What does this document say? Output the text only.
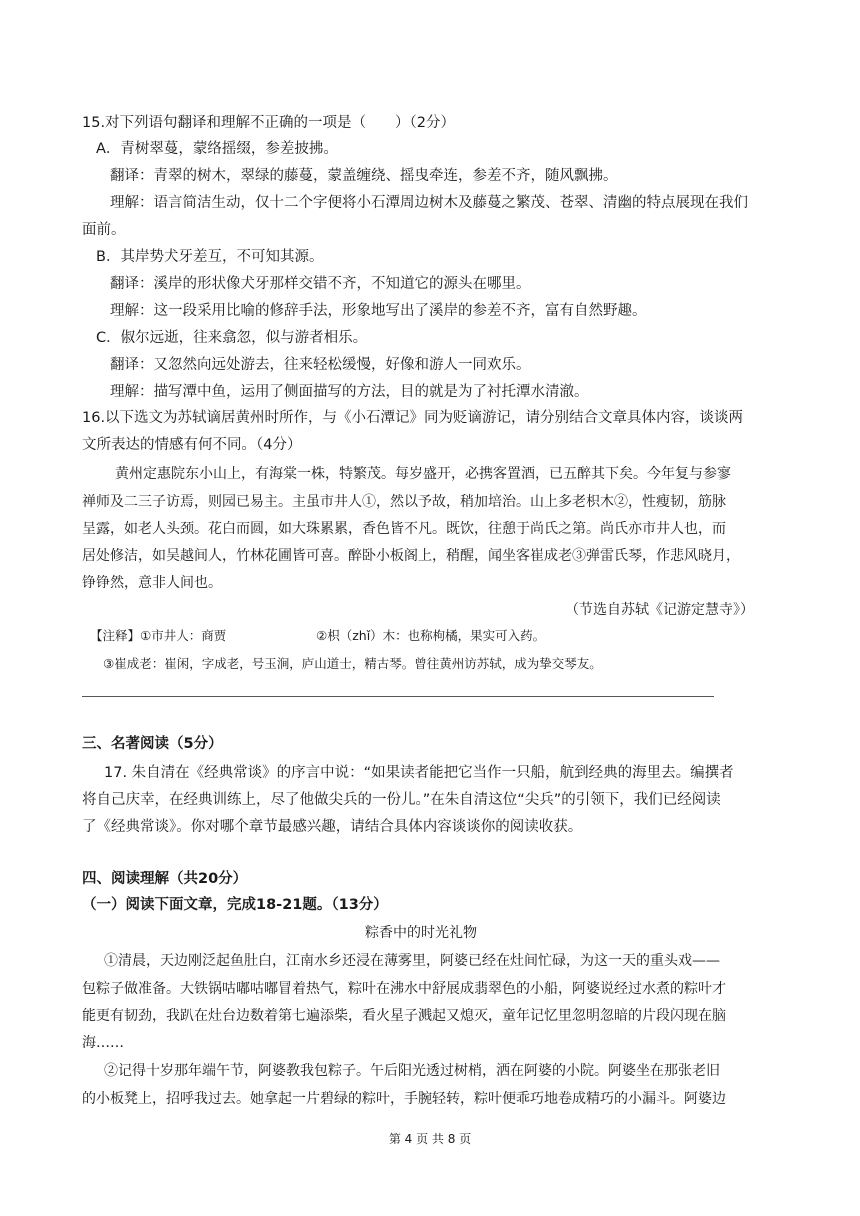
15.对下列语句翻译和理解不正确的一项是（　　）（2分）
A．青树翠蔓，蒙络摇缀，参差披拂。
翻译：青翠的树木，翠绿的藤蔓，蒙盖缠绕、摇曳牵连，参差不齐，随风飘拂。
理解：语言简洁生动，仅十二个字便将小石潭周边树木及藤蔓之繁茂、苍翠、清幽的特点展现在我们
面前。
B．其岸势犬牙差互，不可知其源。
翻译：溪岸的形状像犬牙那样交错不齐，不知道它的源头在哪里。
理解：这一段采用比喻的修辞手法，形象地写出了溪岸的参差不齐，富有自然野趣。
C．俶尔远逝，往来翕忽，似与游者相乐。
翻译：又忽然向远处游去，往来轻松缓慢，好像和游人一同欢乐。
理解：描写潭中鱼，运用了侧面描写的方法，目的就是为了衬托潭水清澈。
16.以下选文为苏轼谪居黄州时所作，与《小石潭记》同为贬谪游记，请分别结合文章具体内容，谈谈两
文所表达的情感有何不同。（4分）
黄州定惠院东小山上，有海棠一株，特繁茂。每岁盛开，必携客置酒，已五醉其下矣。今年复与参寥
禅师及二三子访焉，则园已易主。主虽市井人①，然以予故，稍加培治。山上多老枳木②，性瘦韧，筋脉
呈露，如老人头颈。花白而圆，如大珠累累，香色皆不凡。既饮，往憩于尚氏之第。尚氏亦市井人也，而
居处修洁，如吴越间人，竹林花圃皆可喜。醉卧小板阁上，稍醒，闻坐客崔成老③弹雷氏琴，作悲风晓月，
铮铮然，意非人间也。
（节选自苏轼《记游定慧寺》）
【注释】①市井人：商贾	②枳（zhǐ）木：也称枸橘，果实可入药。
③崔成老：崔闲，字成老，号玉涧，庐山道士，精古琴。曾往黄州访苏轼，成为挚交琴友。
三、名著阅读（5分）
17. 朱自清在《经典常谈》的序言中说：“如果读者能把它当作一只船，航到经典的海里去。编撰者
将自己庆幸，在经典训练上，尽了他做尖兵的一份儿。”在朱自清这位“尖兵”的引领下，我们已经阅读
了《经典常谈》。你对哪个章节最感兴趣，请结合具体内容谈谈你的阅读收获。
四、阅读理解（共20分）
（一）阅读下面文章，完成18-21题。（13分）
粽香中的时光礼物
①清晨，天边刚泛起鱼肚白，江南水乡还浸在薄雾里，阿婆已经在灶间忙碌，为这一天的重头戏——
包粽子做准备。大铁锅咕嘟咕嘟冒着热气，粽叶在沸水中舒展成翡翠色的小船，阿婆说经过水煮的粽叶才
能更有韧劲，我趴在灶台边数着第七遍添柴，看火星子溅起又熄灭，童年记忆里忽明忽暗的片段闪现在脑
海……
②记得十岁那年端午节，阿婆教我包粽子。午后阳光透过树梢，洒在阿婆的小院。阿婆坐在那张老旧
的小板凳上，招呼我过去。她拿起一片碧绿的粽叶，手腕轻转，粽叶便乖巧地卷成精巧的小漏斗。阿婆边
第 4 页 共 8 页
